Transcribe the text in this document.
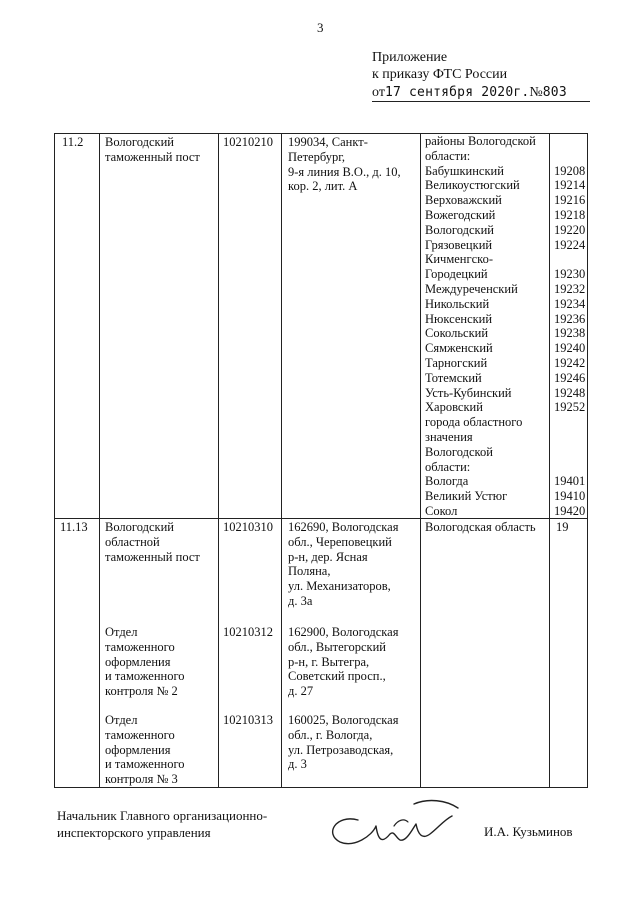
3
Приложение
к приказу ФТС России
от17 сентября 2020г.№803
11.2 Вологодский
таможенный пост
10210210 199034, Санкт-
Петербург,
9-я линия В.О., д. 10,
кор. 2, лит. А
районы Вологодской
области:
Бабушкинский
Великоустюгский
Верховажский
Вожегодский
Вологодский
Грязовецкий
Кичменгско-
Городецкий
Междуреченский
Никольский
Нюксенский
Сокольский
Сямженский
Тарногский
Тотемский
Усть-Кубинский
Харовский
города областного
значения
Вологодской
области:
Вологда
Великий Устюг
Сокол
19208
19214
19216
19218
19220
19224
19230
19232
19234
19236
19238
19240
19242
19246
19248
19252
19401
19410
19420
11.13 Вологодский
областной
таможенный пост
10210310 162690, Вологодская
обл., Череповецкий
р-н, дер. Ясная
Поляна,
ул. Механизаторов,
д. 3а
Вологодская область 19
Отдел
таможенного
оформления
и таможенного
контроля № 2
10210312 162900, Вологодская
обл., Вытегорский
р-н, г. Вытегра,
Советский просп.,
д. 27
Отдел
таможенного
оформления
и таможенного
контроля № 3
10210313 160025, Вологодская
обл., г. Вологда,
ул. Петрозаводская,
д. 3
Начальник Главного организационно-
инспекторского управления	И.А. Кузьминов
